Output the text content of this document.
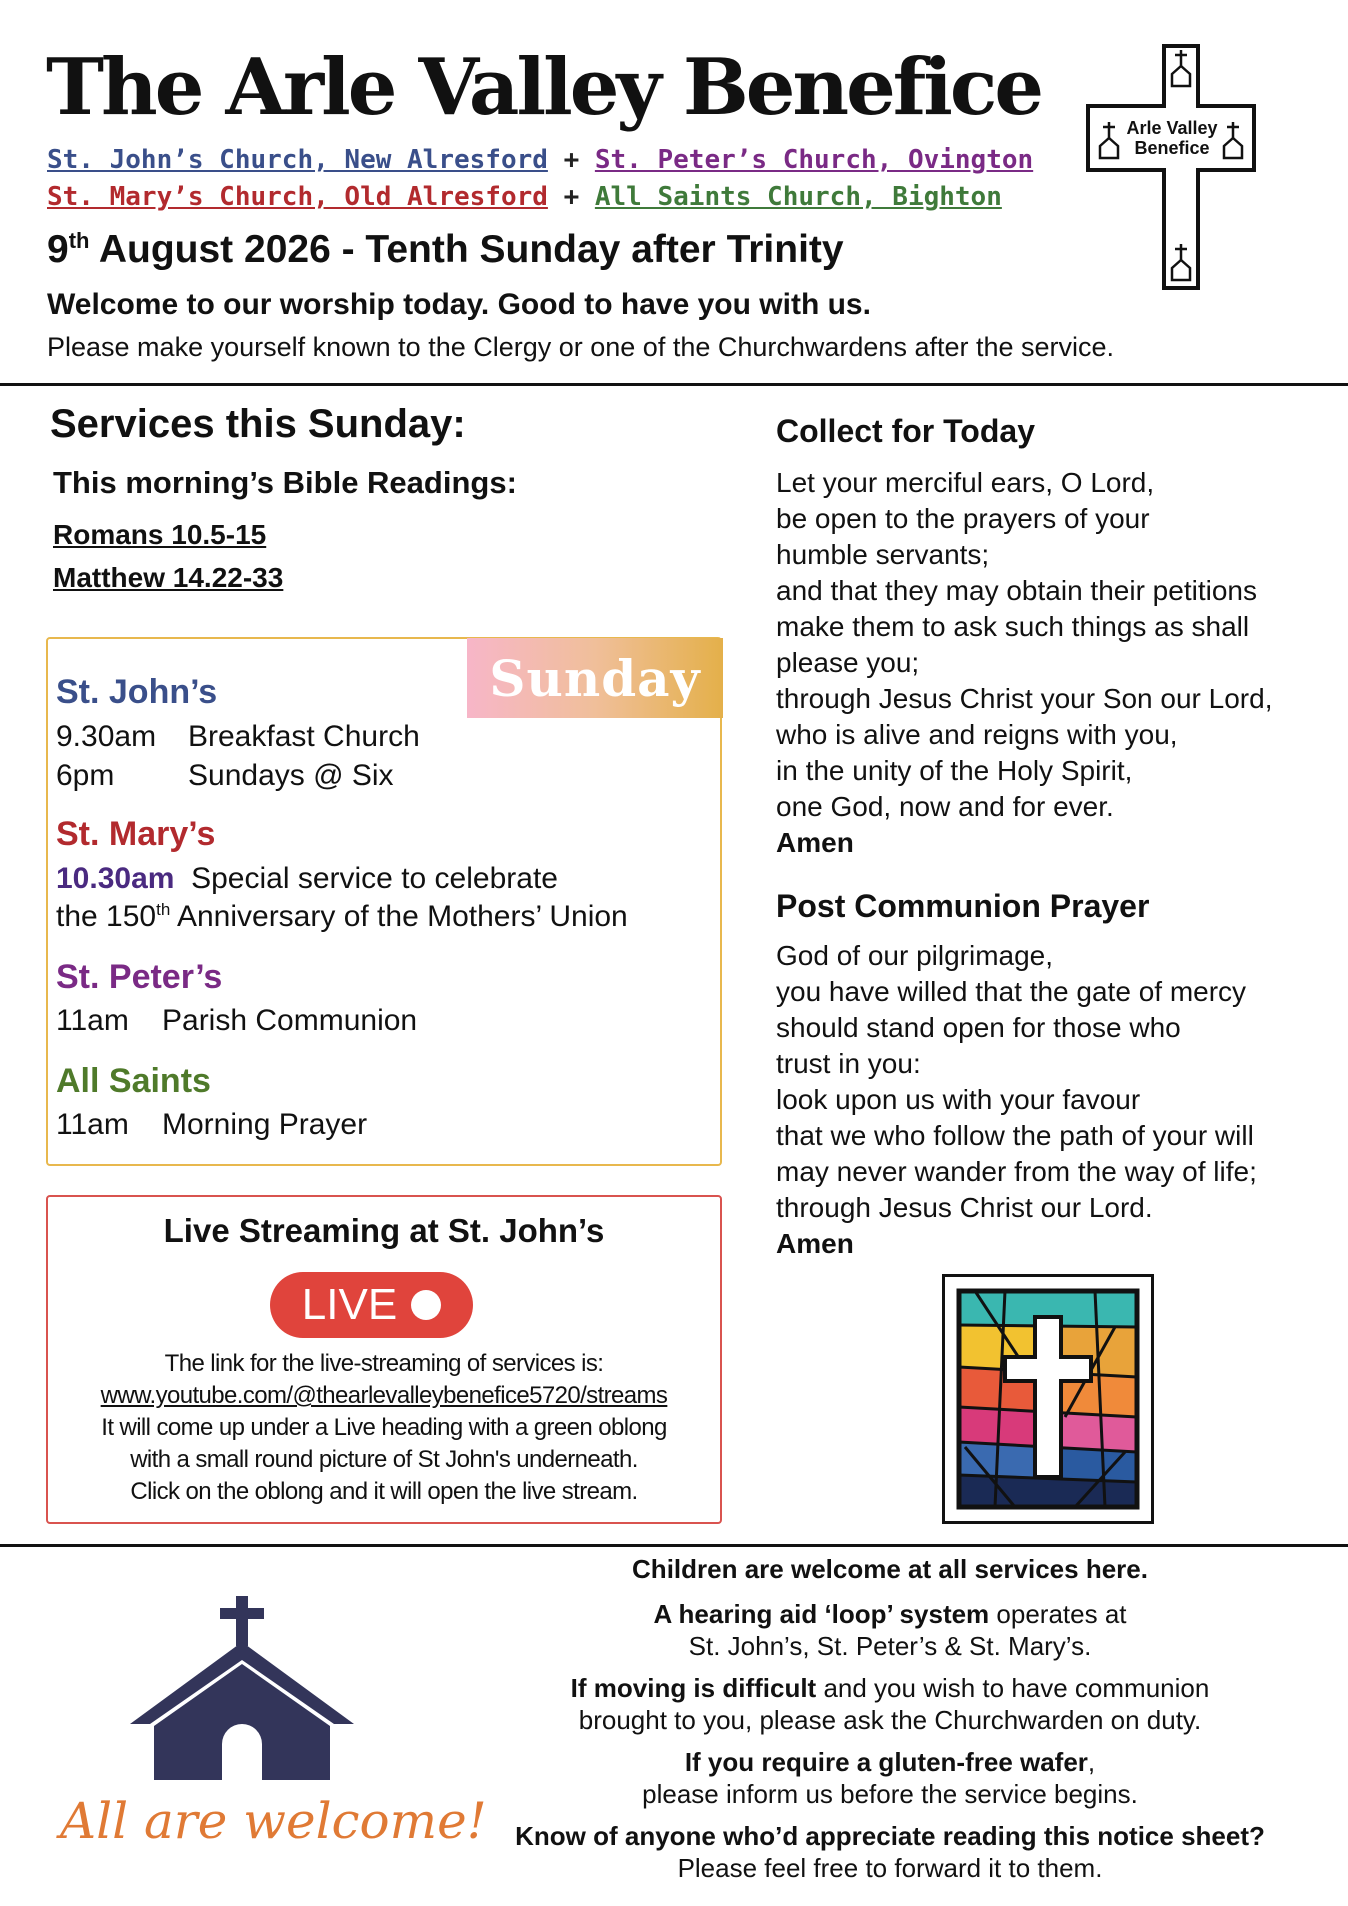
The Arle Valley Benefice
St. John’s Church, New Alresford + St. Peter’s Church, Ovington
St. Mary’s Church, Old Alresford + All Saints Church, Bighton
9th August 2026 - Tenth Sunday after Trinity
Welcome to our worship today. Good to have you with us.
Please make yourself known to the Clergy or one of the Churchwardens after the service.
Arle Valley
Benefice
Services this Sunday:
This morning’s Bible Readings:
Romans 10.5-15
Matthew 14.22-33
Sunday
St. John’s
9.30am Breakfast Church
6pm Sundays @ Six
St. Mary’s
10.30am Special service to celebrate
the 150th Anniversary of the Mothers’ Union
St. Peter’s
11am Parish Communion
All Saints
11am Morning Prayer
Live Streaming at St. John’s
LIVE
The link for the live-streaming of services is:
www.youtube.com/@thearlevalleybenefice5720/streams
It will come up under a Live heading with a green oblong
with a small round picture of St John's underneath.
Click on the oblong and it will open the live stream.
Collect for Today
Let your merciful ears, O Lord,
be open to the prayers of your
humble servants;
and that they may obtain their petitions
make them to ask such things as shall
please you;
through Jesus Christ your Son our Lord,
who is alive and reigns with you,
in the unity of the Holy Spirit,
one God, now and for ever.
Amen
Post Communion Prayer
God of our pilgrimage,
you have willed that the gate of mercy
should stand open for those who
trust in you:
look upon us with your favour
that we who follow the path of your will
may never wander from the way of life;
through Jesus Christ our Lord.
Amen
All are welcome!
Children are welcome at all services here.
A hearing aid ‘loop’ system operates at
St. John’s, St. Peter’s & St. Mary’s.
If moving is difficult and you wish to have communion
brought to you, please ask the Churchwarden on duty.
If you require a gluten-free wafer,
please inform us before the service begins.
Know of anyone who’d appreciate reading this notice sheet?
Please feel free to forward it to them.
